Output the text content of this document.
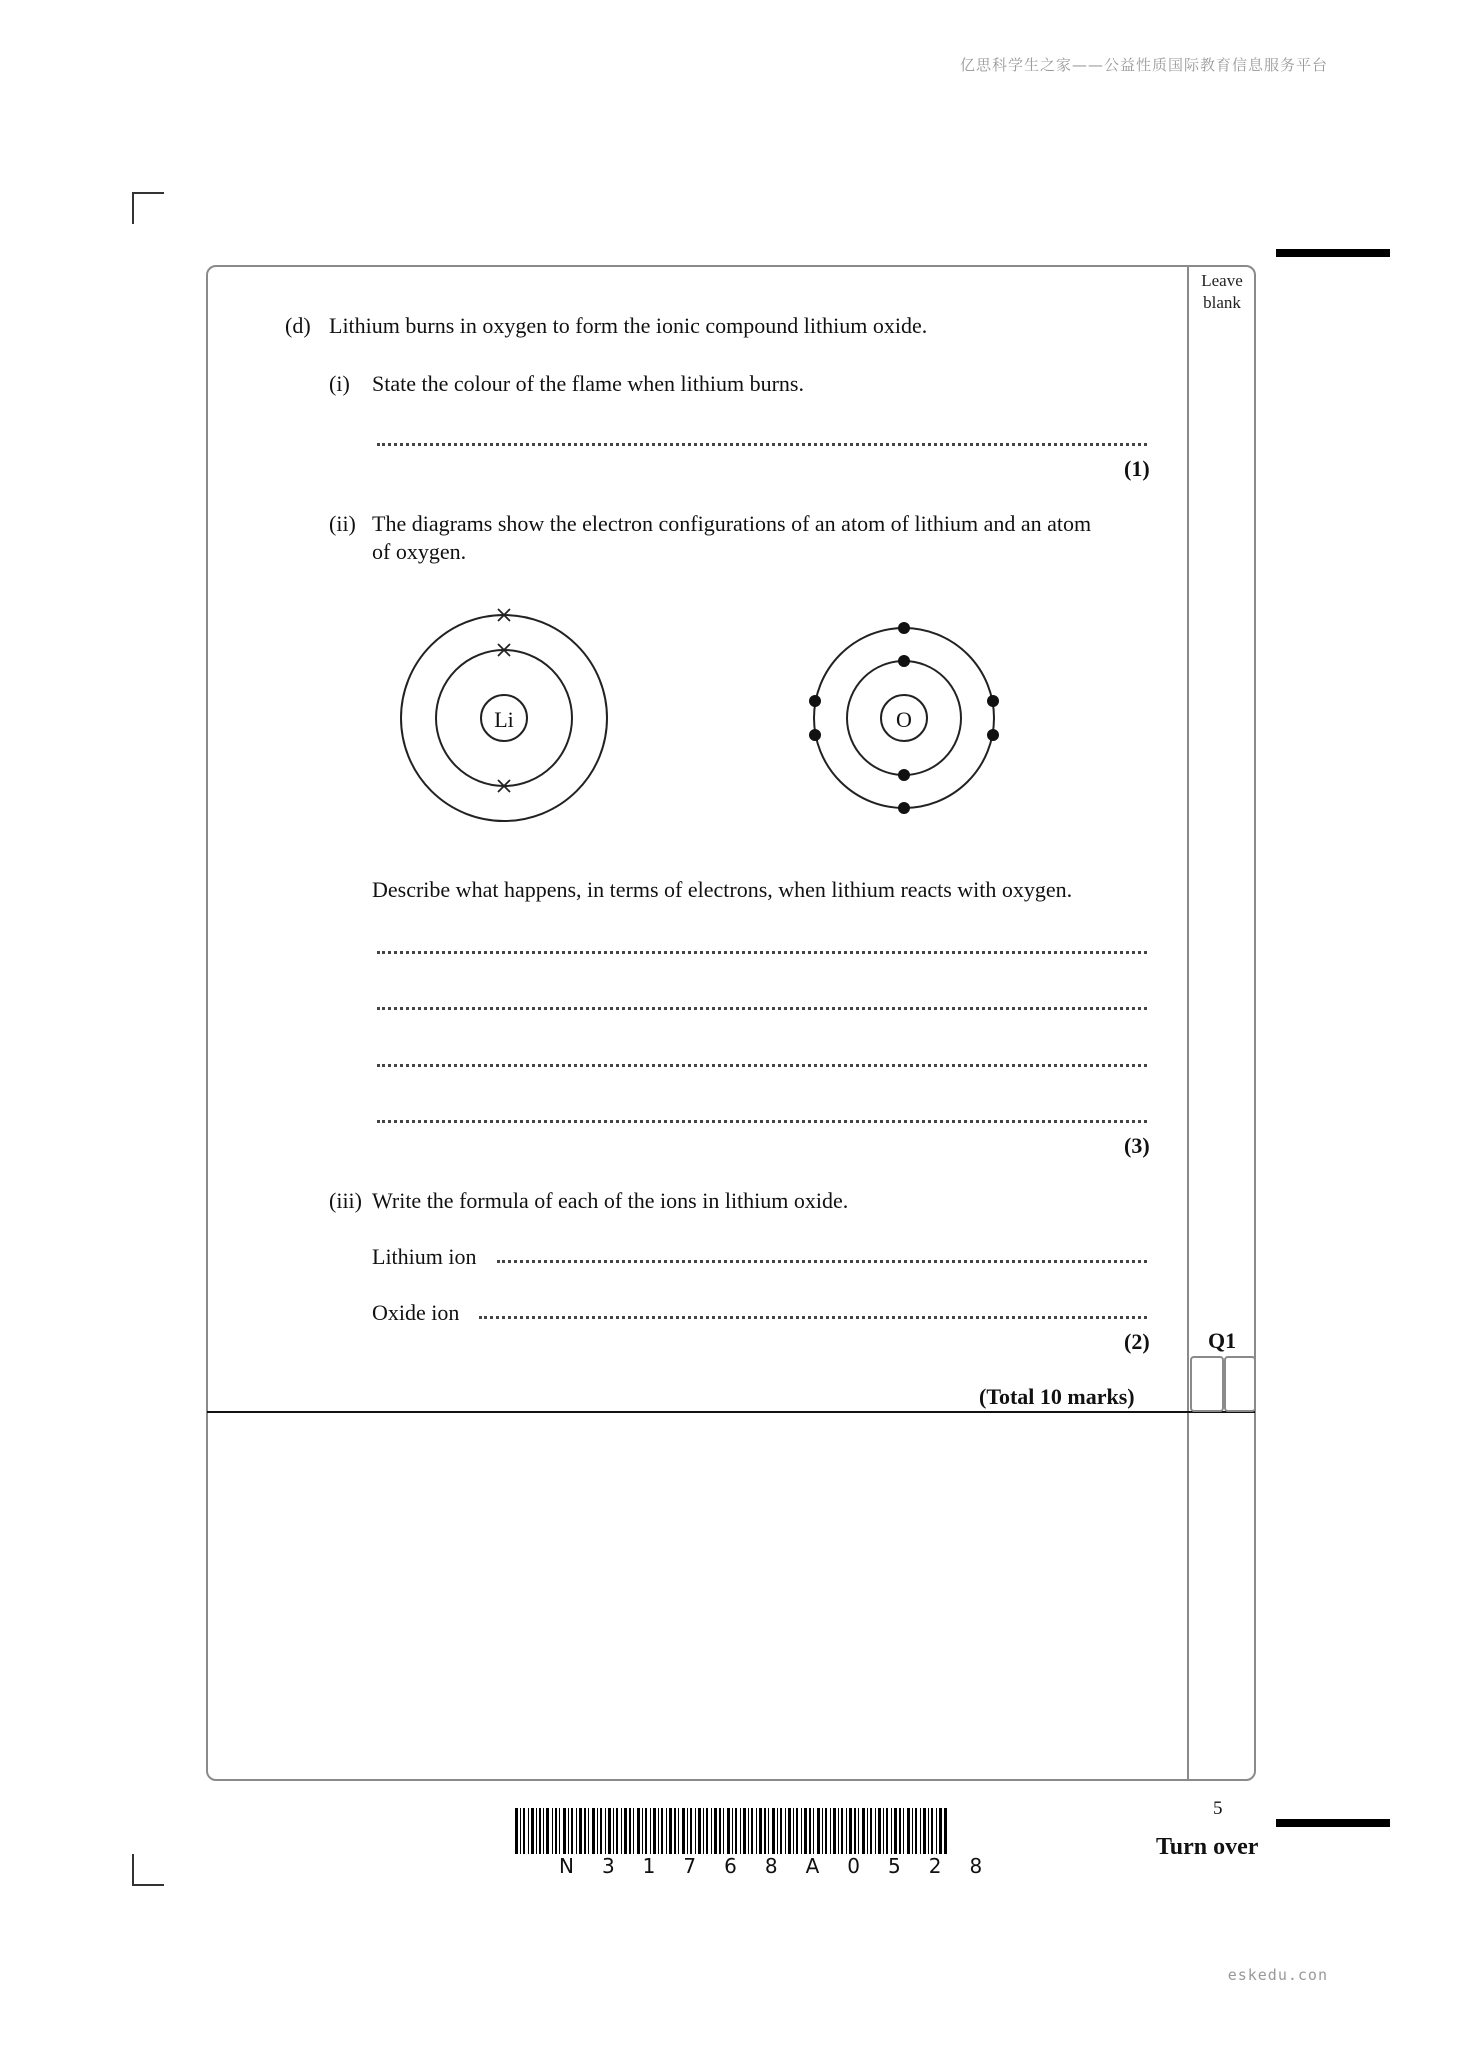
亿思科学生之家——公益性质国际教育信息服务平台
Leave
blank
(d) Lithium burns in oxygen to form the ionic compound lithium oxide.
(i) State the colour of the flame when lithium burns.
(1)
(ii) The diagrams show the electron configurations of an atom of lithium and an atom
of oxygen.
Li	O
Describe what happens, in terms of electrons, when lithium reacts with oxygen.
(3)
(iii) Write the formula of each of the ions in lithium oxide.
Lithium ion
Oxide ion
(2)
(Total 10 marks)
Q1
5
Turn over
N31768A0528
eskedu.con
